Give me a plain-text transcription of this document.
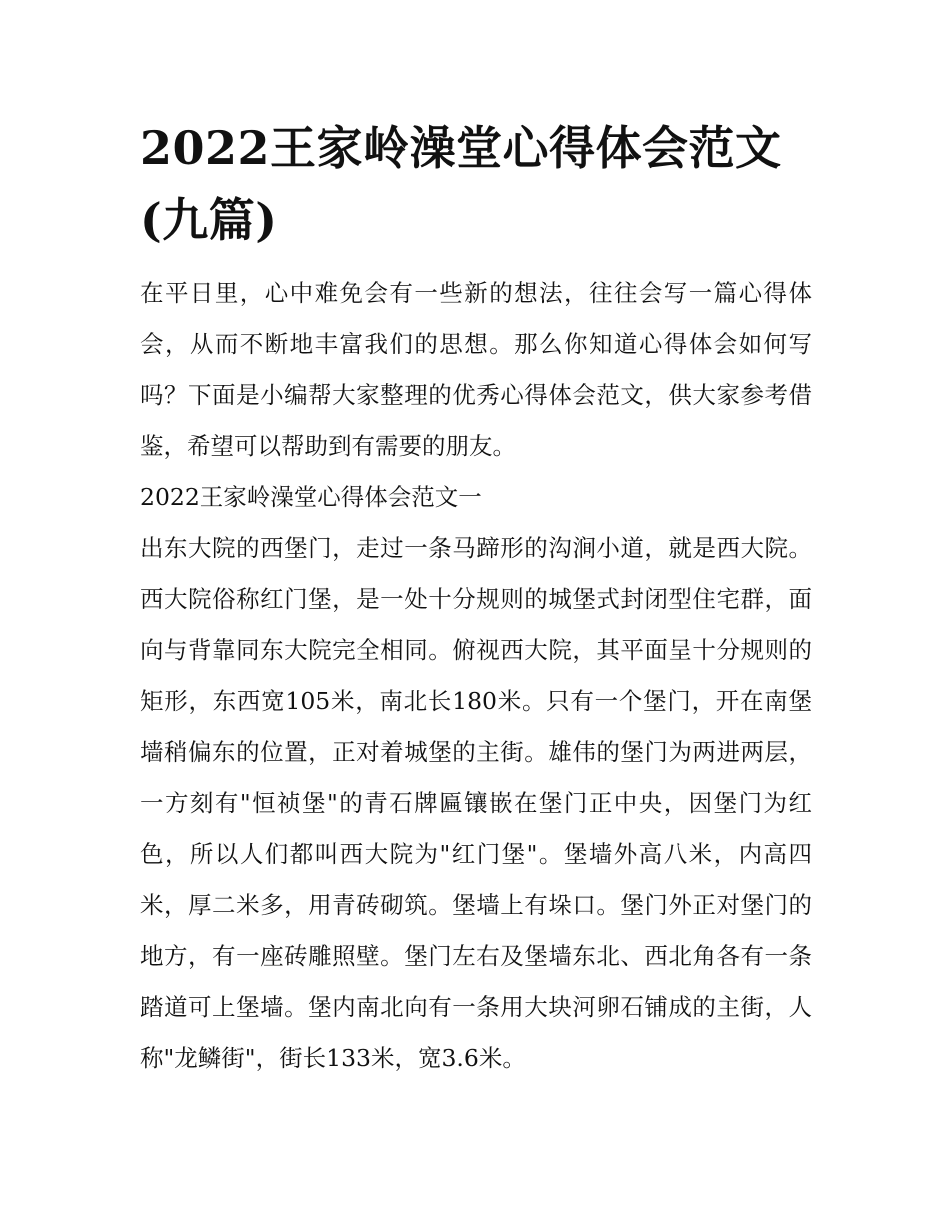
2022王家岭澡堂心得体会范文(九篇)

在平日里，心中难免会有一些新的想法，往往会写一篇心得体会，从而不断地丰富我们的思想。那么你知道心得体会如何写吗？下面是小编帮大家整理的优秀心得体会范文，供大家参考借鉴，希望可以帮助到有需要的朋友。

2022王家岭澡堂心得体会范文一

出东大院的西堡门，走过一条马蹄形的沟涧小道，就是西大院。西大院俗称红门堡，是一处十分规则的城堡式封闭型住宅群，面向与背靠同东大院完全相同。俯视西大院，其平面呈十分规则的矩形，东西宽105米，南北长180米。只有一个堡门，开在南堡墙稍偏东的位置，正对着城堡的主街。雄伟的堡门为两进两层，一方刻有"恒祯堡"的青石牌匾镶嵌在堡门正中央，因堡门为红色，所以人们都叫西大院为"红门堡"。堡墙外高八米，内高四米，厚二米多，用青砖砌筑。堡墙上有垛口。堡门外正对堡门的地方，有一座砖雕照壁。堡门左右及堡墙东北、西北角各有一条踏道可上堡墙。堡内南北向有一条用大块河卵石铺成的主街，人称"龙鳞街"，街长133米，宽3.6米。
